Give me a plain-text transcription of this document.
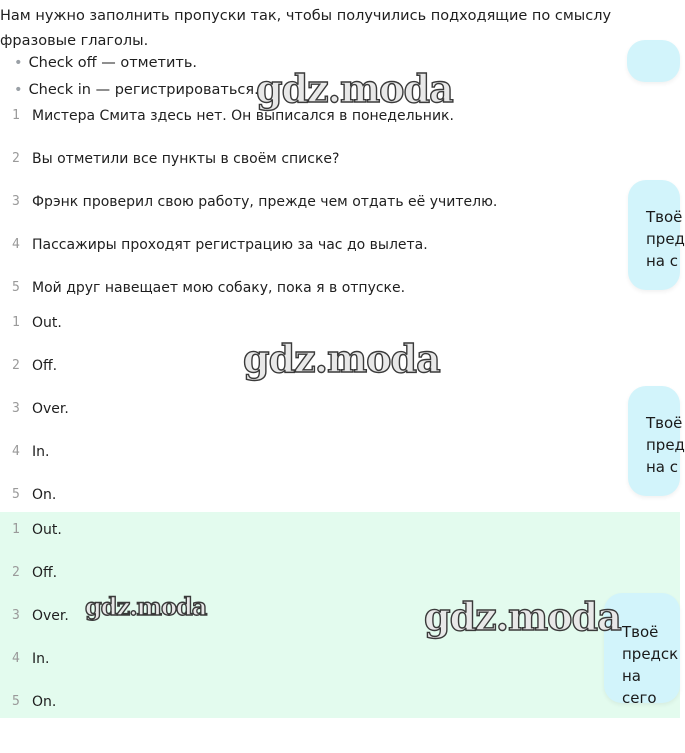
Нам нужно заполнить пропуски так, чтобы получились подходящие по смыслу фразовые глаголы.

• Check off — отметить.
• Check in — регистрироваться.
1 Мистера Смита здесь нет. Он выписался в понедельник.
2 Вы отметили все пункты в своём списке?
3 Фрэнк проверил свою работу, прежде чем отдать её учителю.
4 Пассажиры проходят регистрацию за час до вылета.
5 Мой друг навещает мою собаку, пока я в отпуске.
1 Out.
2 Off.
3 Over.
4 In.
5 On.
1 Out.
2 Off.
3 Over.
4 In.
5 On.
Твоё
пред
на с
Твоё
пред
на с
Твоё
предск
на сего
gdz.moda
gdz.moda
gdz.moda	gdz.moda
